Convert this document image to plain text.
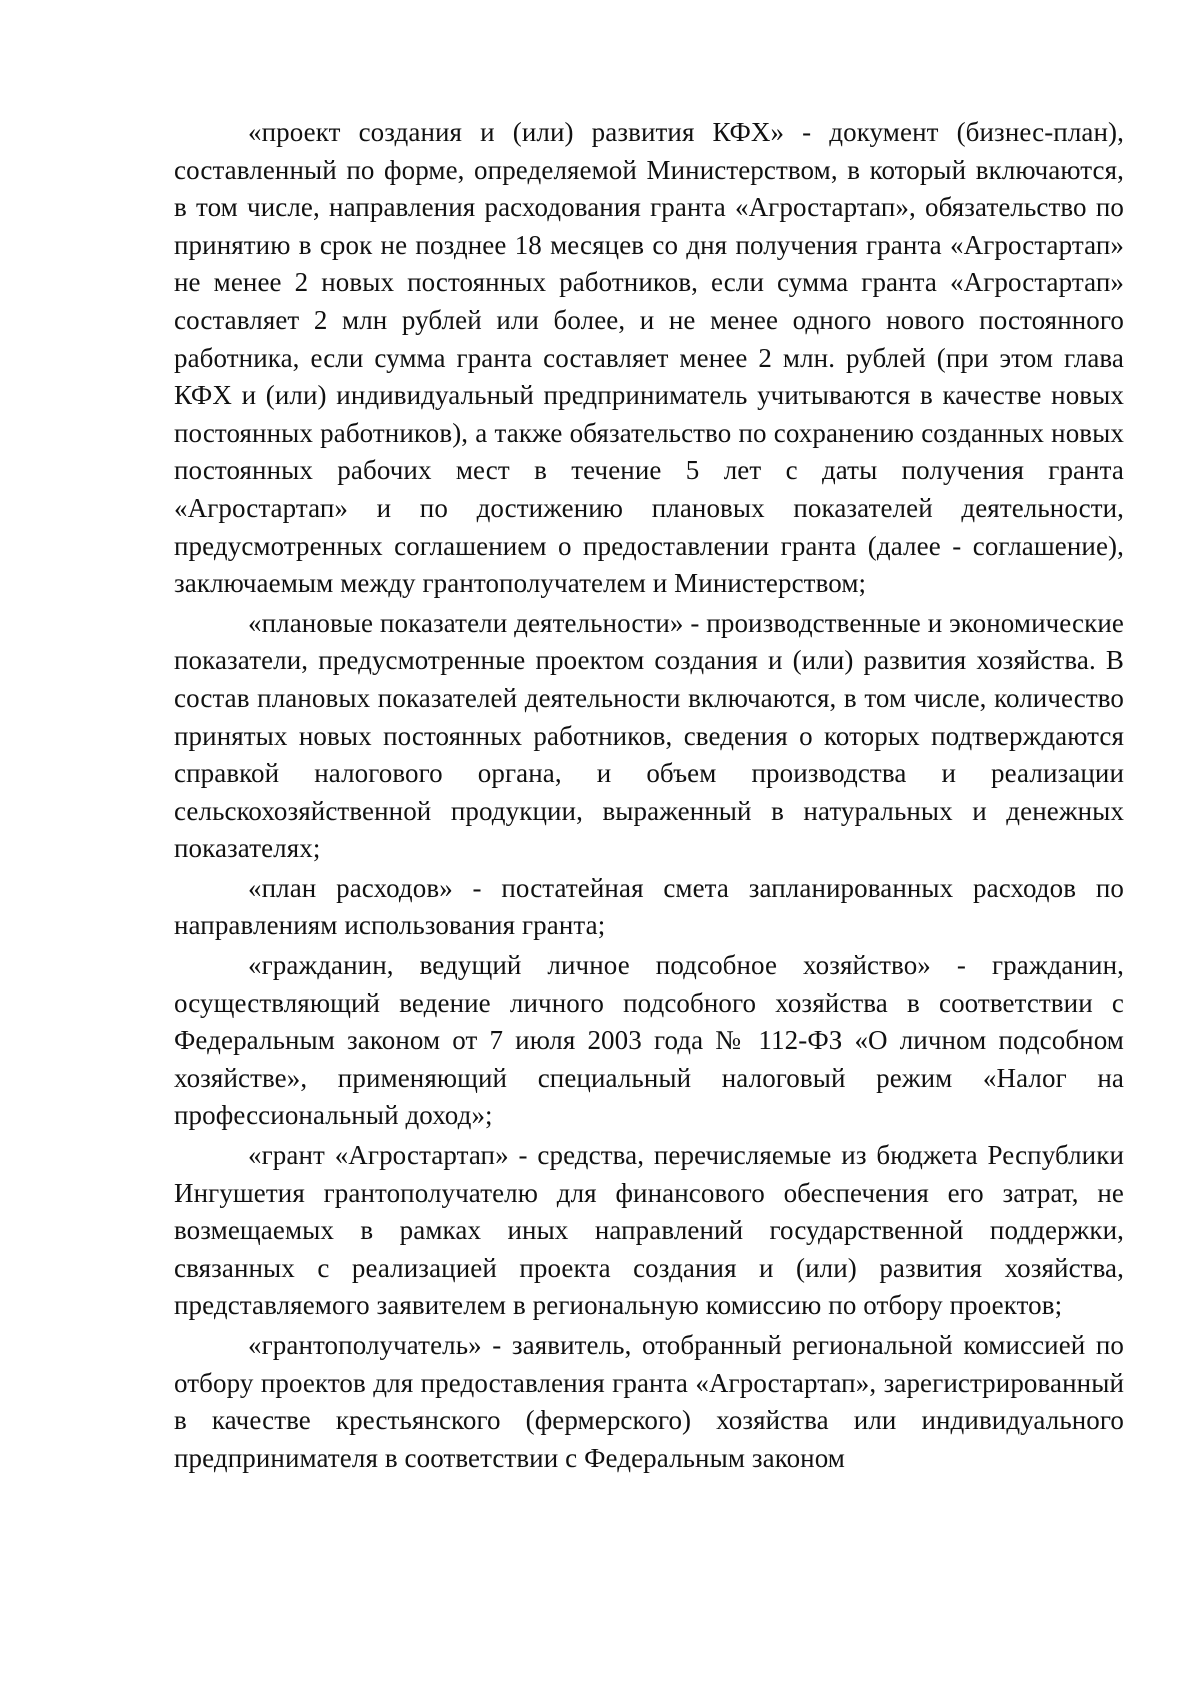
«проект создания и (или) развития КФХ» - документ (бизнес-план), составленный по форме, определяемой Министерством, в который включаются, в том числе, направления расходования гранта «Агростартап», обязательство по принятию в срок не позднее 18 месяцев со дня получения гранта «Агростартап» не менее 2 новых постоянных работников, если сумма гранта «Агростартап» составляет 2 млн рублей или более, и не менее одного нового постоянного работника, если сумма гранта составляет менее 2 млн. рублей (при этом глава КФХ и (или) индивидуальный предприниматель учитываются в качестве новых постоянных работников), а также обязательство по сохранению созданных новых постоянных рабочих мест в течение 5 лет с даты получения гранта «Агростартап» и по достижению плановых показателей деятельности, предусмотренных соглашением о предоставлении гранта (далее - соглашение), заключаемым между грантополучателем и Министерством;

«плановые показатели деятельности» - производственные и экономические показатели, предусмотренные проектом создания и (или) развития хозяйства. В состав плановых показателей деятельности включаются, в том числе, количество принятых новых постоянных работников, сведения о которых подтверждаются справкой налогового органа, и объем производства и реализации сельскохозяйственной продукции, выраженный в натуральных и денежных показателях;

«план расходов» - постатейная смета запланированных расходов по направлениям использования гранта;

«гражданин, ведущий личное подсобное хозяйство» - гражданин, осуществляющий ведение личного подсобного хозяйства в соответствии с Федеральным законом от 7 июля 2003 года № 112-ФЗ «О личном подсобном хозяйстве», применяющий специальный налоговый режим «Налог на профессиональный доход»;

«грант «Агростартап» - средства, перечисляемые из бюджета Республики Ингушетия грантополучателю для финансового обеспечения его затрат, не возмещаемых в рамках иных направлений государственной поддержки, связанных с реализацией проекта создания и (или) развития хозяйства, представляемого заявителем в региональную комиссию по отбору проектов;

«грантополучатель» - заявитель, отобранный региональной комиссией по отбору проектов для предоставления гранта «Агростартап», зарегистрированный в качестве крестьянского (фермерского) хозяйства или индивидуального предпринимателя в соответствии с Федеральным законом
